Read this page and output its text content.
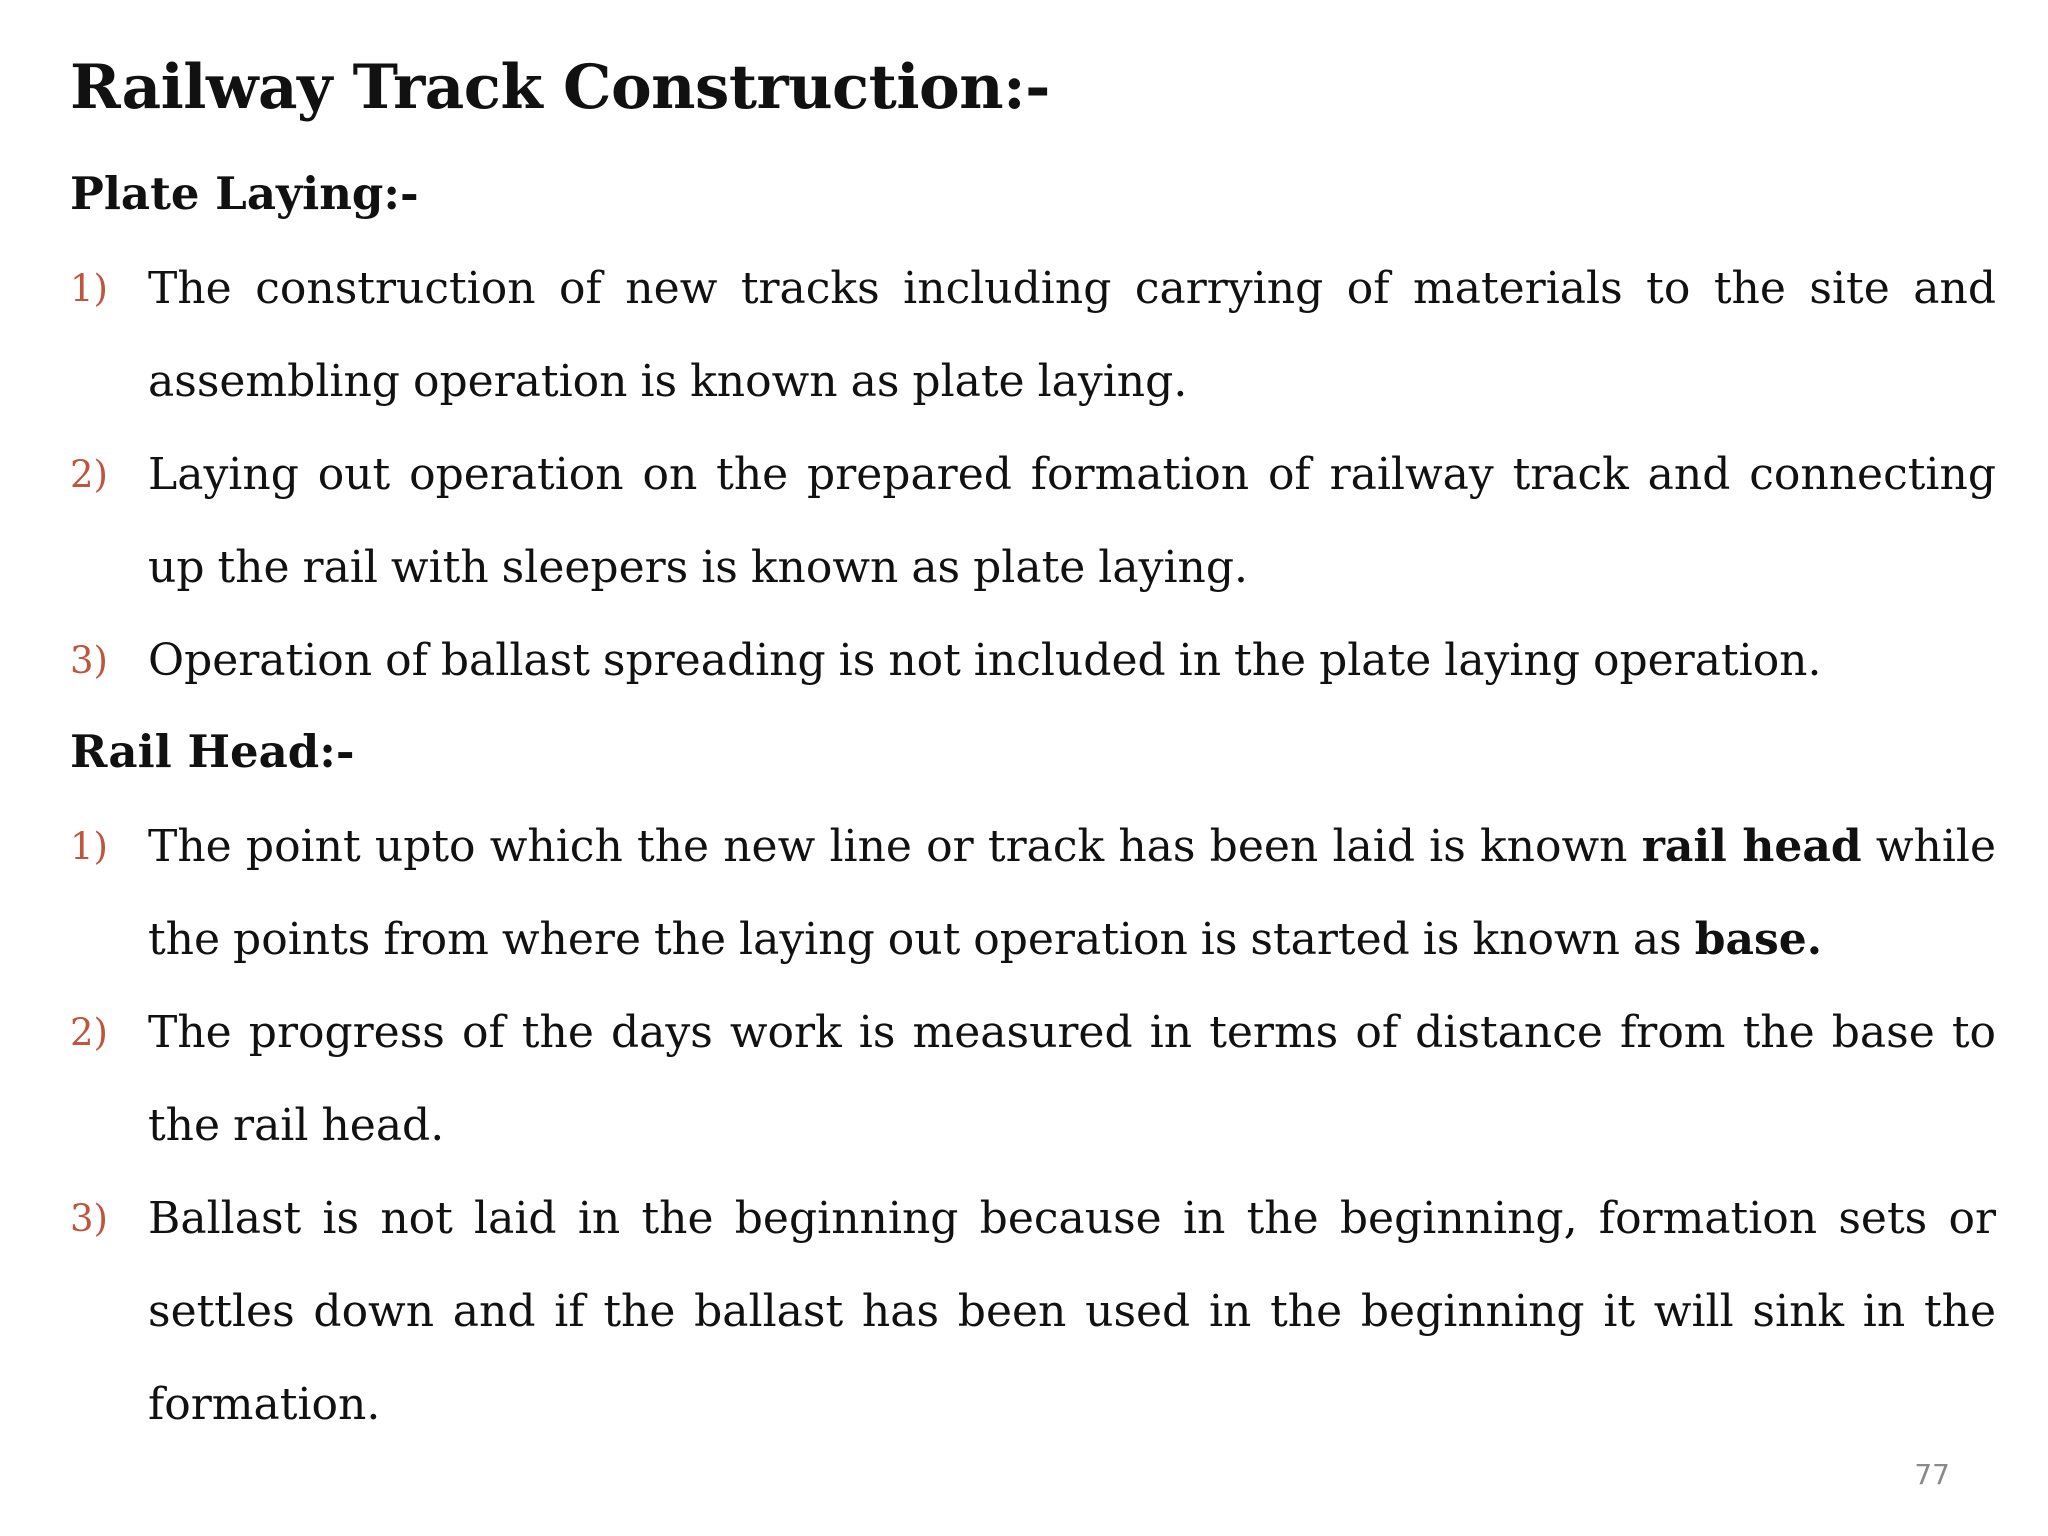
Railway Track Construction:-
Plate Laying:-
1) The construction of new tracks including carrying of materials to the site and assembling operation is known as plate laying.
2) Laying out operation on the prepared formation of railway track and connecting up the rail with sleepers is known as plate laying.
3) Operation of ballast spreading is not included in the plate laying operation.
Rail Head:-
1) The point upto which the new line or track has been laid is known rail head while the points from where the laying out operation is started is known as base.
2) The progress of the days work is measured in terms of distance from the base to the rail head.
3) Ballast is not laid in the beginning because in the beginning, formation sets or settles down and if the ballast has been used in the beginning it will sink in the formation.
77
